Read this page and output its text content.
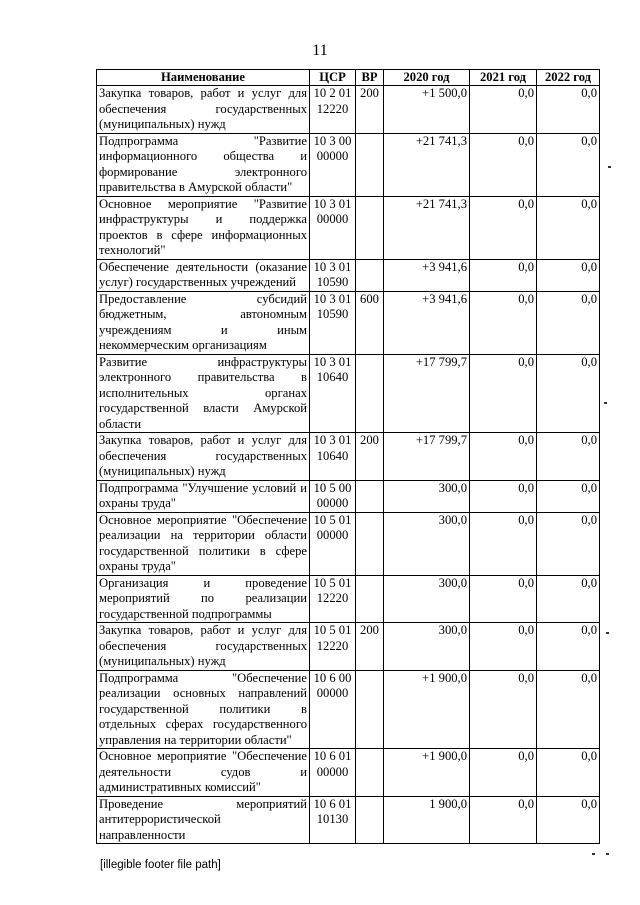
11
Наименование	ЦСР	ВР	2020 год	2021 год	2022 год
Закупка товаров, работ и услуг для обеспечения государственных (муниципальных) нужд	10 2 01 12220	200	+1 500,0	0,0	0,0
Подпрограмма "Развитие информационного общества и формирование электронного правительства в Амурской области"	10 3 00 00000		+21 741,3	0,0	0,0
Основное мероприятие "Развитие инфраструктуры и поддержка проектов в сфере информационных технологий"	10 3 01 00000		+21 741,3	0,0	0,0
Обеспечение деятельности (оказание услуг) государственных учреждений	10 3 01 10590		+3 941,6	0,0	0,0
Предоставление субсидий бюджетным, автономным учреждениям и иным некоммерческим организациям	10 3 01 10590	600	+3 941,6	0,0	0,0
Развитие инфраструктуры электронного правительства в исполнительных органах государственной власти Амурской области	10 3 01 10640		+17 799,7	0,0	0,0
Закупка товаров, работ и услуг для обеспечения государственных (муниципальных) нужд	10 3 01 10640	200	+17 799,7	0,0	0,0
Подпрограмма "Улучшение условий и охраны труда"	10 5 00 00000		300,0	0,0	0,0
Основное мероприятие "Обеспечение реализации на территории области государственной политики в сфере охраны труда"	10 5 01 00000		300,0	0,0	0,0
Организация и проведение мероприятий по реализации государственной подпрограммы	10 5 01 12220		300,0	0,0	0,0
Закупка товаров, работ и услуг для обеспечения государственных (муниципальных) нужд	10 5 01 12220	200	300,0	0,0	0,0
Подпрограмма "Обеспечение реализации основных направлений государственной политики в отдельных сферах государственного управления на территории области"	10 6 00 00000		+1 900,0	0,0	0,0
Основное мероприятие "Обеспечение деятельности судов и административных комиссий"	10 6 01 00000		+1 900,0	0,0	0,0
Проведение мероприятий антитеррористической направленности	10 6 01 10130		1 900,0	0,0	0,0
[illegible footer file path]
